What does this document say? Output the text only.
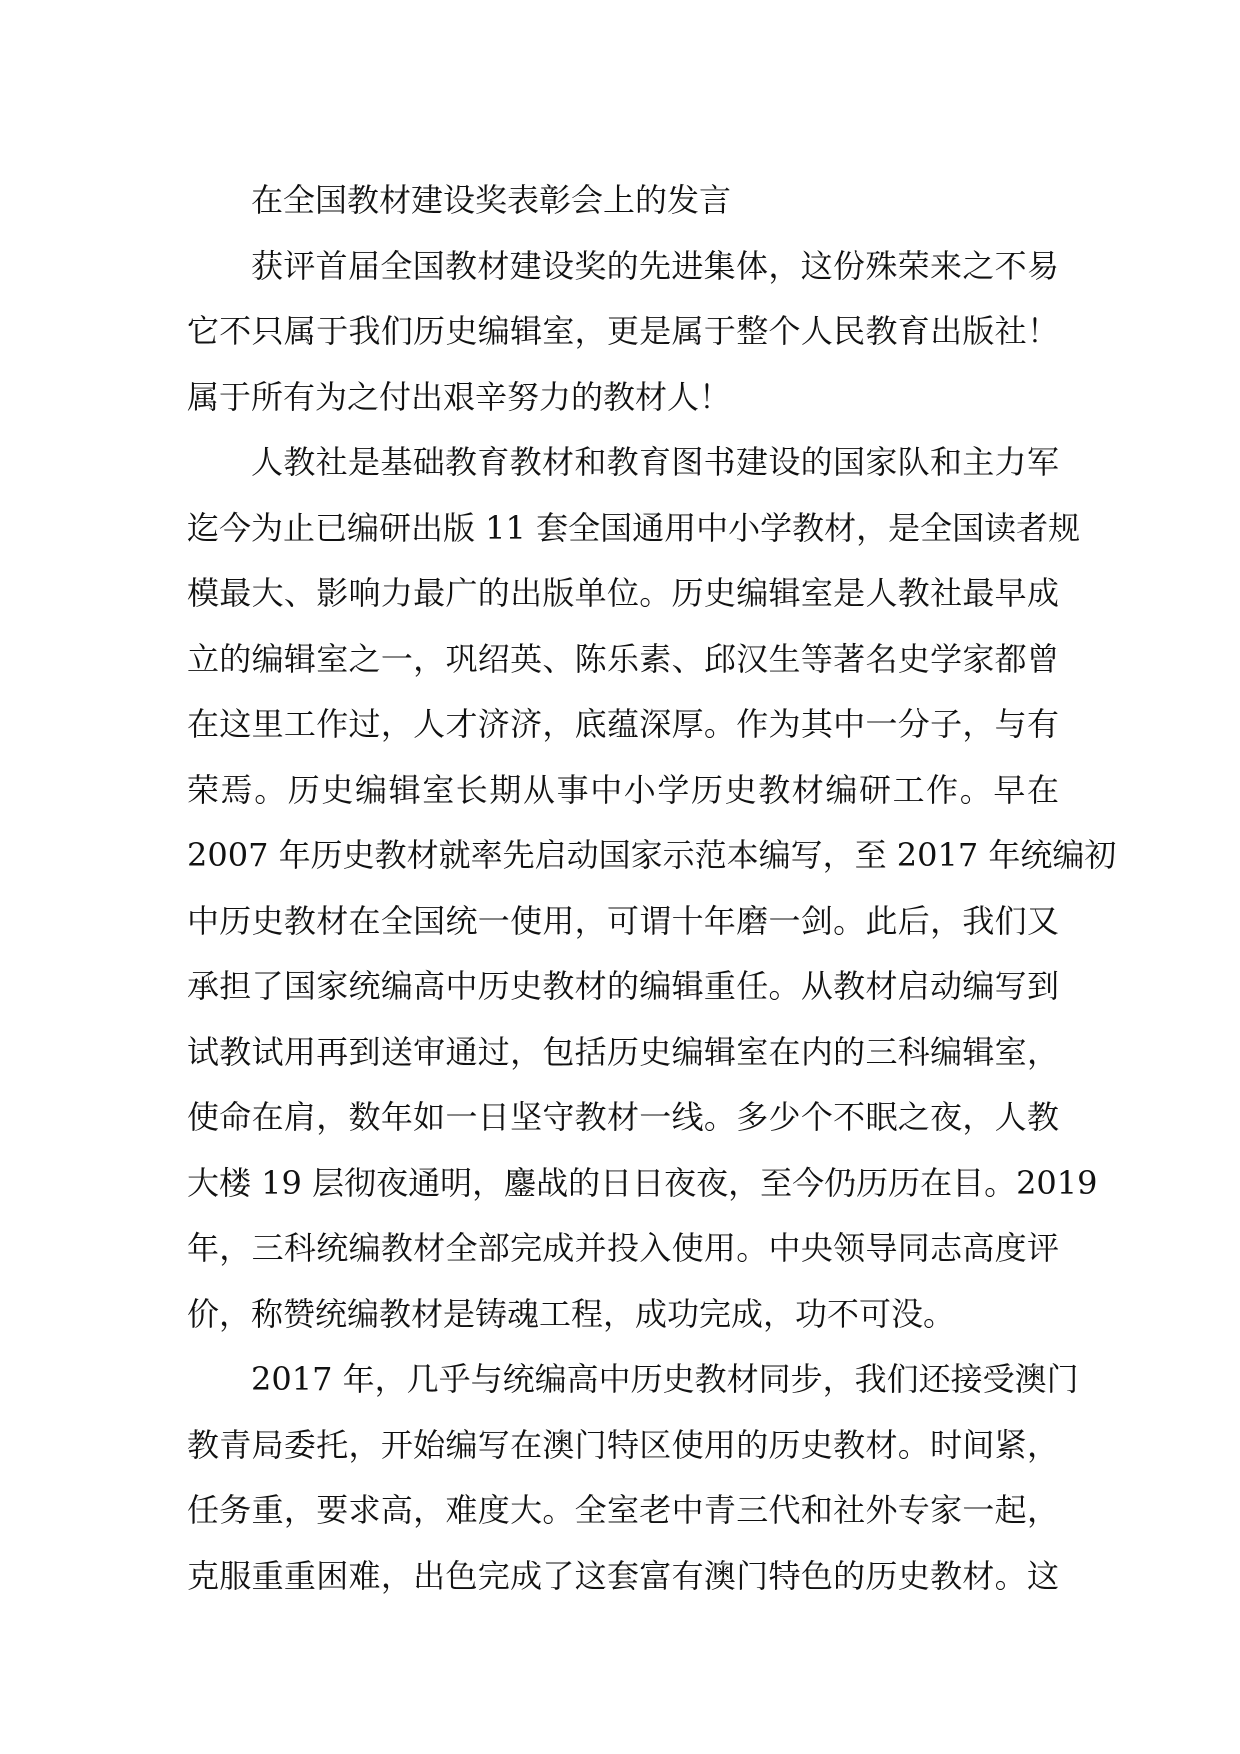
在全国教材建设奖表彰会上的发言
获评首届全国教材建设奖的先进集体，这份殊荣来之不易
它不只属于我们历史编辑室，更是属于整个人民教育出版社！
属于所有为之付出艰辛努力的教材人！
人教社是基础教育教材和教育图书建设的国家队和主力军
迄今为止已编研出版 11 套全国通用中小学教材，是全国读者规
模最大、影响力最广的出版单位。历史编辑室是人教社最早成
立的编辑室之一，巩绍英、陈乐素、邱汉生等著名史学家都曾
在这里工作过，人才济济，底蕴深厚。作为其中一分子，与有
荣焉。历史编辑室长期从事中小学历史教材编研工作。早在
2007 年历史教材就率先启动国家示范本编写，至 2017 年统编初
中历史教材在全国统一使用，可谓十年磨一剑。此后，我们又
承担了国家统编高中历史教材的编辑重任。从教材启动编写到
试教试用再到送审通过，包括历史编辑室在内的三科编辑室，
使命在肩，数年如一日坚守教材一线。多少个不眠之夜，人教
大楼 19 层彻夜通明，鏖战的日日夜夜，至今仍历历在目。2019
年，三科统编教材全部完成并投入使用。中央领导同志高度评
价，称赞统编教材是铸魂工程，成功完成，功不可没。
2017 年，几乎与统编高中历史教材同步，我们还接受澳门
教青局委托，开始编写在澳门特区使用的历史教材。时间紧，
任务重，要求高，难度大。全室老中青三代和社外专家一起，
克服重重困难，出色完成了这套富有澳门特色的历史教材。这
